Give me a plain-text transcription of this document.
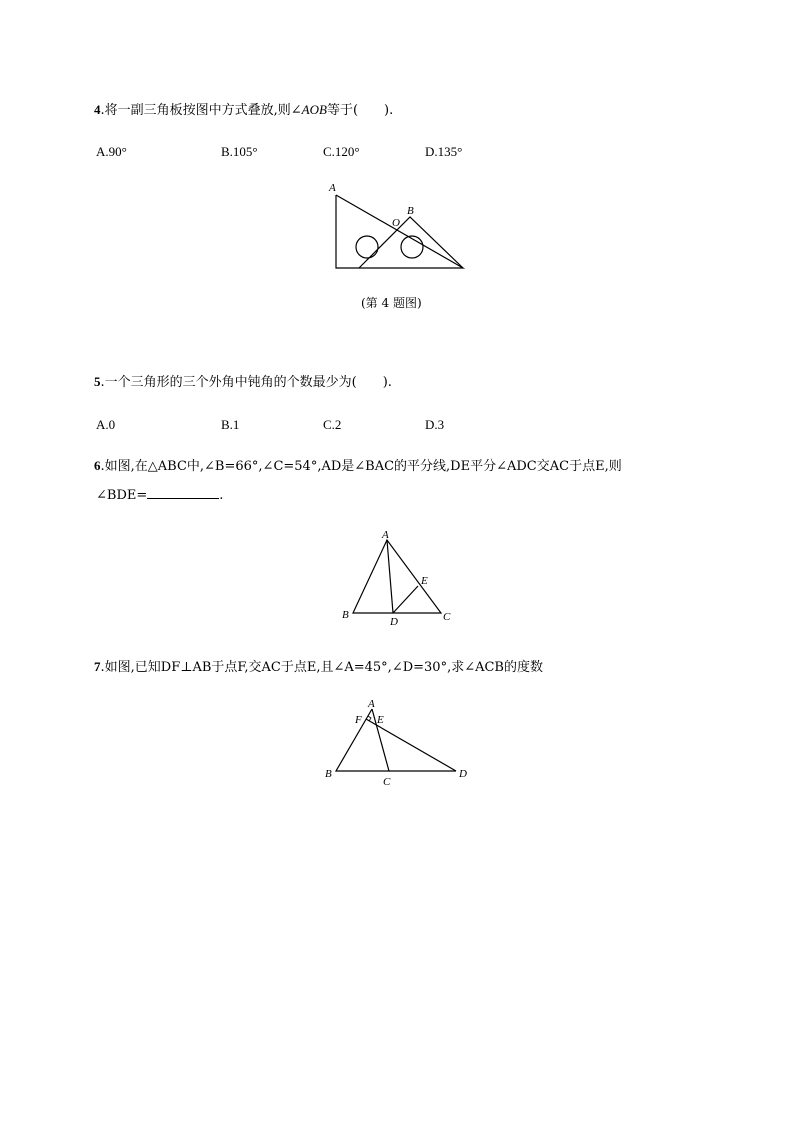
4.将一副三角板按图中方式叠放,则∠AOB等于(　　).
A.90°	B.105°	C.120°	D.135°
A
O
B
(第 4 题图)
5.一个三角形的三个外角中钝角的个数最少为(　　).
A.0	B.1	C.2	D.3
6.如图,在△ABC中,∠B=66°,∠C=54°,AD是∠BAC的平分线,DE平分∠ADC交AC于点E,则
∠BDE=	.
A
B	C
D
E
7.如图,已知DF⊥AB于点F,交AC于点E,且∠A=45°,∠D=30°,求∠ACB的度数
A
F E
B
C
D
